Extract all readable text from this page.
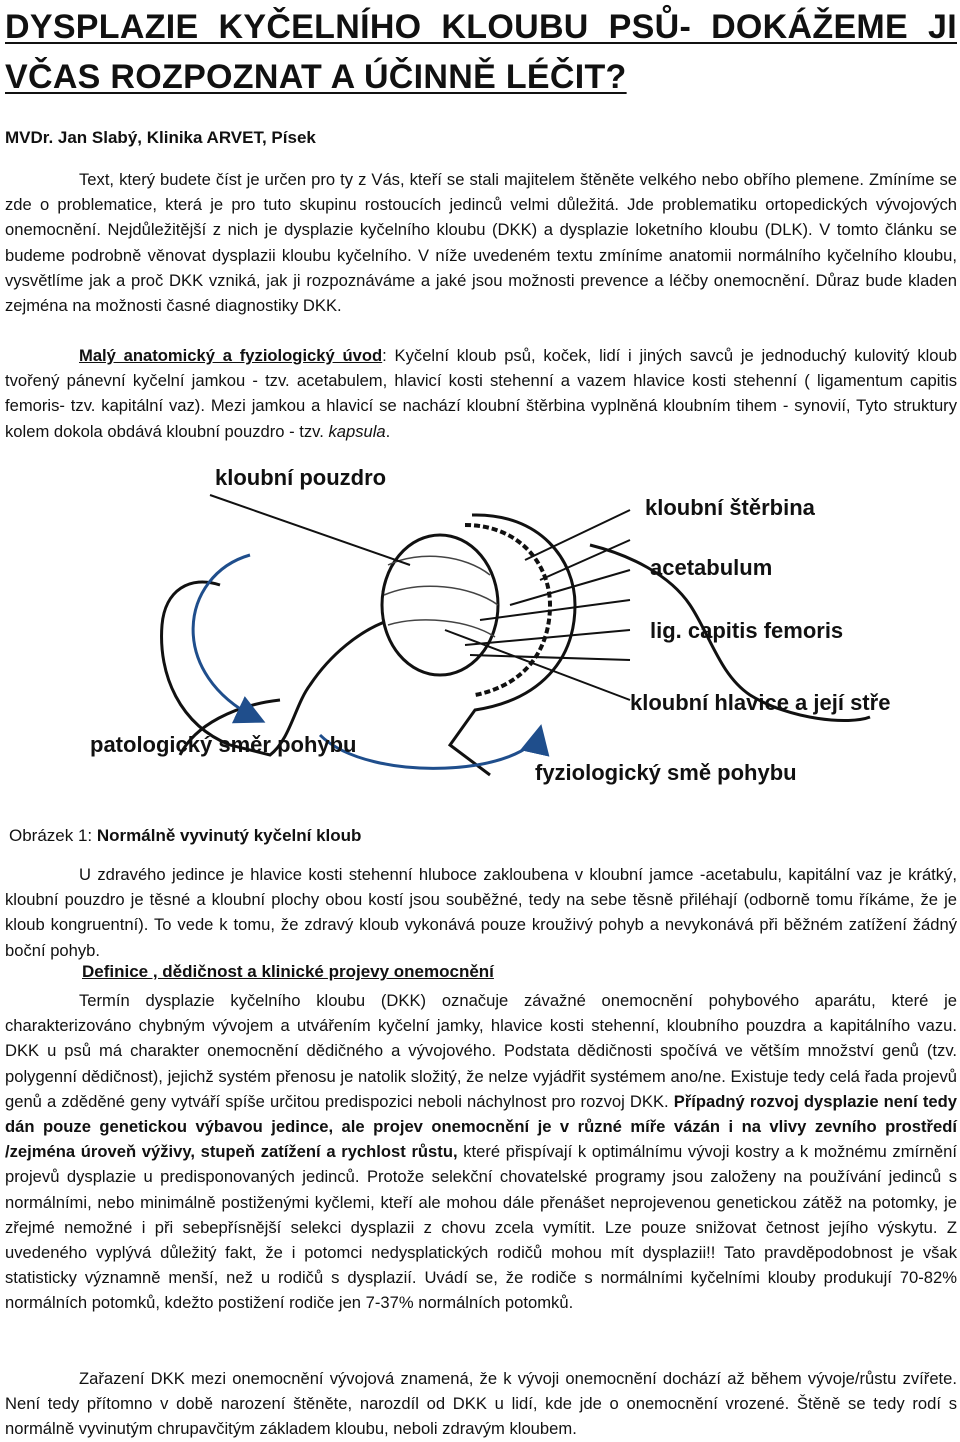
DYSPLAZIE KYČELNÍHO KLOUBU PSŮ- DOKÁŽEME JI VČAS ROZPOZNAT A ÚČINNĚ LÉČIT?
MVDr. Jan Slabý, Klinika ARVET, Písek

Text, který budete číst je určen pro ty z Vás, kteří se stali majitelem štěněte velkého nebo obřího plemene. Zmíníme se zde o problematice, která je pro tuto skupinu rostoucích jedinců velmi důležitá. Jde problematiku ortopedických vývojových onemocnění. Nejdůležitější z nich je dysplazie kyčelního kloubu (DKK) a dysplazie loketního kloubu (DLK). V tomto článku se budeme podrobně věnovat dysplazii kloubu kyčelního. V níže uvedeném textu zmíníme anatomii normálního kyčelního kloubu, vysvětlíme jak a proč DKK vzniká, jak ji rozpoznáváme a jaké jsou možnosti prevence a léčby onemocnění. Důraz bude kladen zejména na možnosti časné diagnostiky DKK.

Malý anatomický a fyziologický úvod: Kyčelní kloub psů, koček, lidí i jiných savců je jednoduchý kulovitý kloub tvořený pánevní kyčelní jamkou - tzv. acetabulem, hlavicí kosti stehenní a vazem hlavice kosti stehenní ( ligamentum capitis femoris- tzv. kapitální vaz). Mezi jamkou a hlavicí se nachází kloubní štěrbina vyplněná kloubním tihem - synovií, Tyto struktury kolem dokola obdává kloubní pouzdro - tzv. kapsula.

kloubní pouzdro
kloubní štěrbina
acetabulum
lig. capitis femoris
kloubní hlavice a její stře
patologický směr pohybu
fyziologický smě pohybu
Obrázek 1: Normálně vyvinutý kyčelní kloub

U zdravého jedince je hlavice kosti stehenní hluboce zakloubena v kloubní jamce -acetabulu, kapitální vaz je krátký, kloubní pouzdro je těsné a kloubní plochy obou kostí jsou souběžné, tedy na sebe těsně přiléhají (odborně tomu říkáme, že je kloub kongruentní). To vede k tomu, že zdravý kloub vykonává pouze krouživý pohyb a nevykonává při běžném zatížení žádný boční pohyb.

Definice , dědičnost a klinické projevy onemocnění

Termín dysplazie kyčelního kloubu (DKK) označuje závažné onemocnění pohybového aparátu, které je charakterizováno chybným vývojem a utvářením kyčelní jamky, hlavice kosti stehenní, kloubního pouzdra a kapitálního vazu. DKK u psů má charakter onemocnění dědičného a vývojového. Podstata dědičnosti spočívá ve větším množství genů (tzv. polygenní dědičnost), jejichž systém přenosu je natolik složitý, že nelze vyjádřit systémem ano/ne. Existuje tedy celá řada projevů genů a zděděné geny vytváří spíše určitou predispozici neboli náchylnost pro rozvoj DKK. Případný rozvoj dysplazie není tedy dán pouze genetickou výbavou jedince, ale projev onemocnění je v různé míře vázán i na vlivy zevního prostředí /zejména úroveň výživy, stupeň zatížení a rychlost růstu, které přispívají k optimálnímu vývoji kostry a k možnému zmírnění projevů dysplazie u predisponovaných jedinců. Protože selekční chovatelské programy jsou založeny na používání jedinců s normálními, nebo minimálně postiženými kyčlemi, kteří ale mohou dále přenášet neprojevenou genetickou zátěž na potomky, je zřejmé nemožné i při sebepřísnější selekci dysplazii z chovu zcela vymítit. Lze pouze snižovat četnost jejího výskytu. Z uvedeného vyplývá důležitý fakt, že i potomci nedysplatických rodičů mohou mít dysplazii!! Tato pravděpodobnost je však statisticky významně menší, než u rodičů s dysplazií. Uvádí se, že rodiče s normálními kyčelními klouby produkují 70-82% normálních potomků, kdežto postižení rodiče jen 7-37% normálních potomků.

Zařazení DKK mezi onemocnění vývojová znamená, že k vývoji onemocnění dochází až během vývoje/růstu zvířete. Není tedy přítomno v době narození štěněte, narozdíl od DKK u lidí, kde jde o onemocnění vrozené. Štěně se tedy rodí s normálně vyvinutým chrupavčitým základem kloubu, neboli zdravým kloubem.
